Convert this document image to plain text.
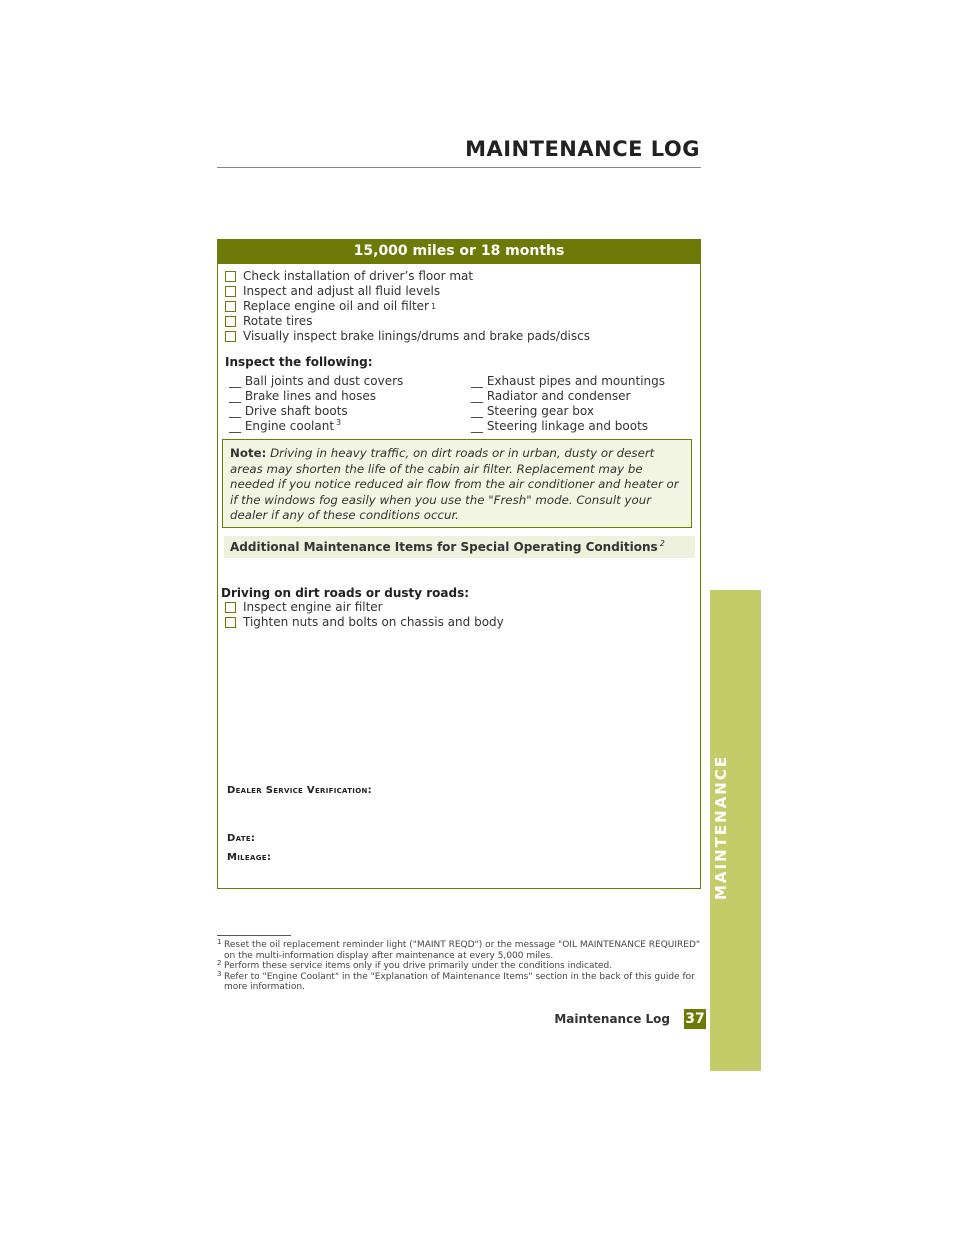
MAINTENANCE LOG
15,000 miles or 18 months
Check installation of driver’s floor mat
Inspect and adjust all fluid levels
Replace engine oil and oil filter 1
Rotate tires
Visually inspect brake linings/drums and brake pads/discs
Inspect the following:
__ Ball joints and dust covers
__ Brake lines and hoses
__ Drive shaft boots
__ Engine coolant $^3$
__ Exhaust pipes and mountings
__ Radiator and condenser
__ Steering gear box
__ Steering linkage and boots
Note: Driving in heavy traffic, on dirt roads or in urban, dusty or desert areas may shorten the life of the cabin air filter. Replacement may be needed if you notice reduced air flow from the air conditioner and heater or if the windows fog easily when you use the "Fresh" mode. Consult your dealer if any of these conditions occur.
Additional Maintenance Items for Special Operating Conditions $^2$
Driving on dirt roads or dusty roads:
Inspect engine air filter
Tighten nuts and bolts on chassis and body
Dealer Service Verification:
Date:
Mileage:
1 Reset the oil replacement reminder light ("MAINT REQD") or the message "OIL MAINTENANCE REQUIRED" on the multi-information display after maintenance at every 5,000 miles.
2 Perform these service items only if you drive primarily under the conditions indicated.
3 Refer to "Engine Coolant" in the "Explanation of Maintenance Items" section in the back of this guide for more information.
Maintenance Log 37
MAINTENANCE
